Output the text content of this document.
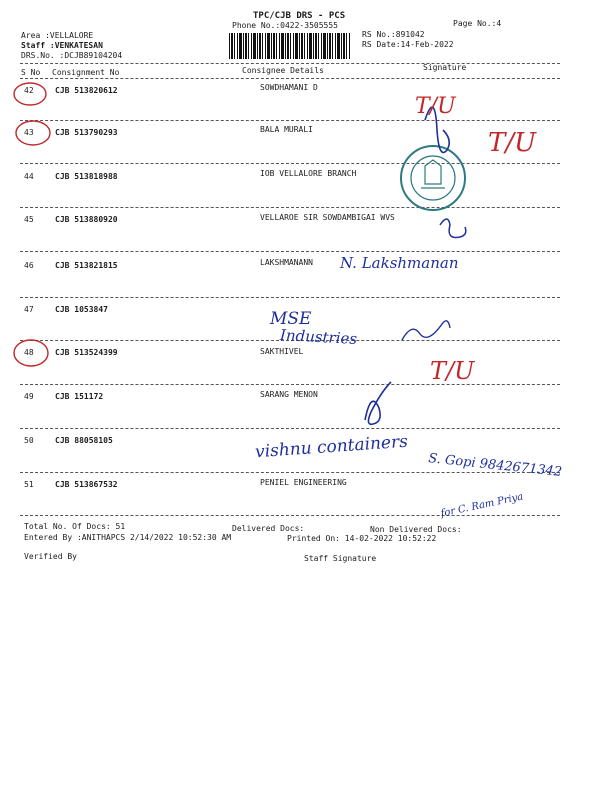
TPC/CJB DRS - PCS
Phone No.:0422-3505555
Area :VELLALORE
Staff :VENKATESAN
DRS.No. :DCJB89104204
RS No.:891042
RS Date:14-Feb-2022
Page No.:4
S No Consignment No	Consignee Details	Signature
42	CJB 513820612	SOWDHAMANI D
43	CJB 513790293	BALA MURALI
44	CJB 513818988	IOB VELLALORE BRANCH
45	CJB 513880920	VELLAROE SIR SOWDAMBIGAI WVS
46	CJB 513821815	LAKSHMANANN
47	CJB 1053847
48	CJB 513524399	SAKTHIVEL
49	CJB 151172	SARANG MENON
50	CJB 88058105
51	CJB 513867532	PENIEL ENGINEERING
Total No. Of Docs: 51	Delivered Docs:	Non Delivered Docs:
Entered By :ANITHAPCS 2/14/2022 10:52:30 AM	Printed On: 14-02-2022 10:52:22
Verified By	Staff Signature
T/U
T/U
T/U
N. Lakshmanan
MSE
Industries
vishnu containers
S. Gopi 9842671342
for C. Ram Priya
